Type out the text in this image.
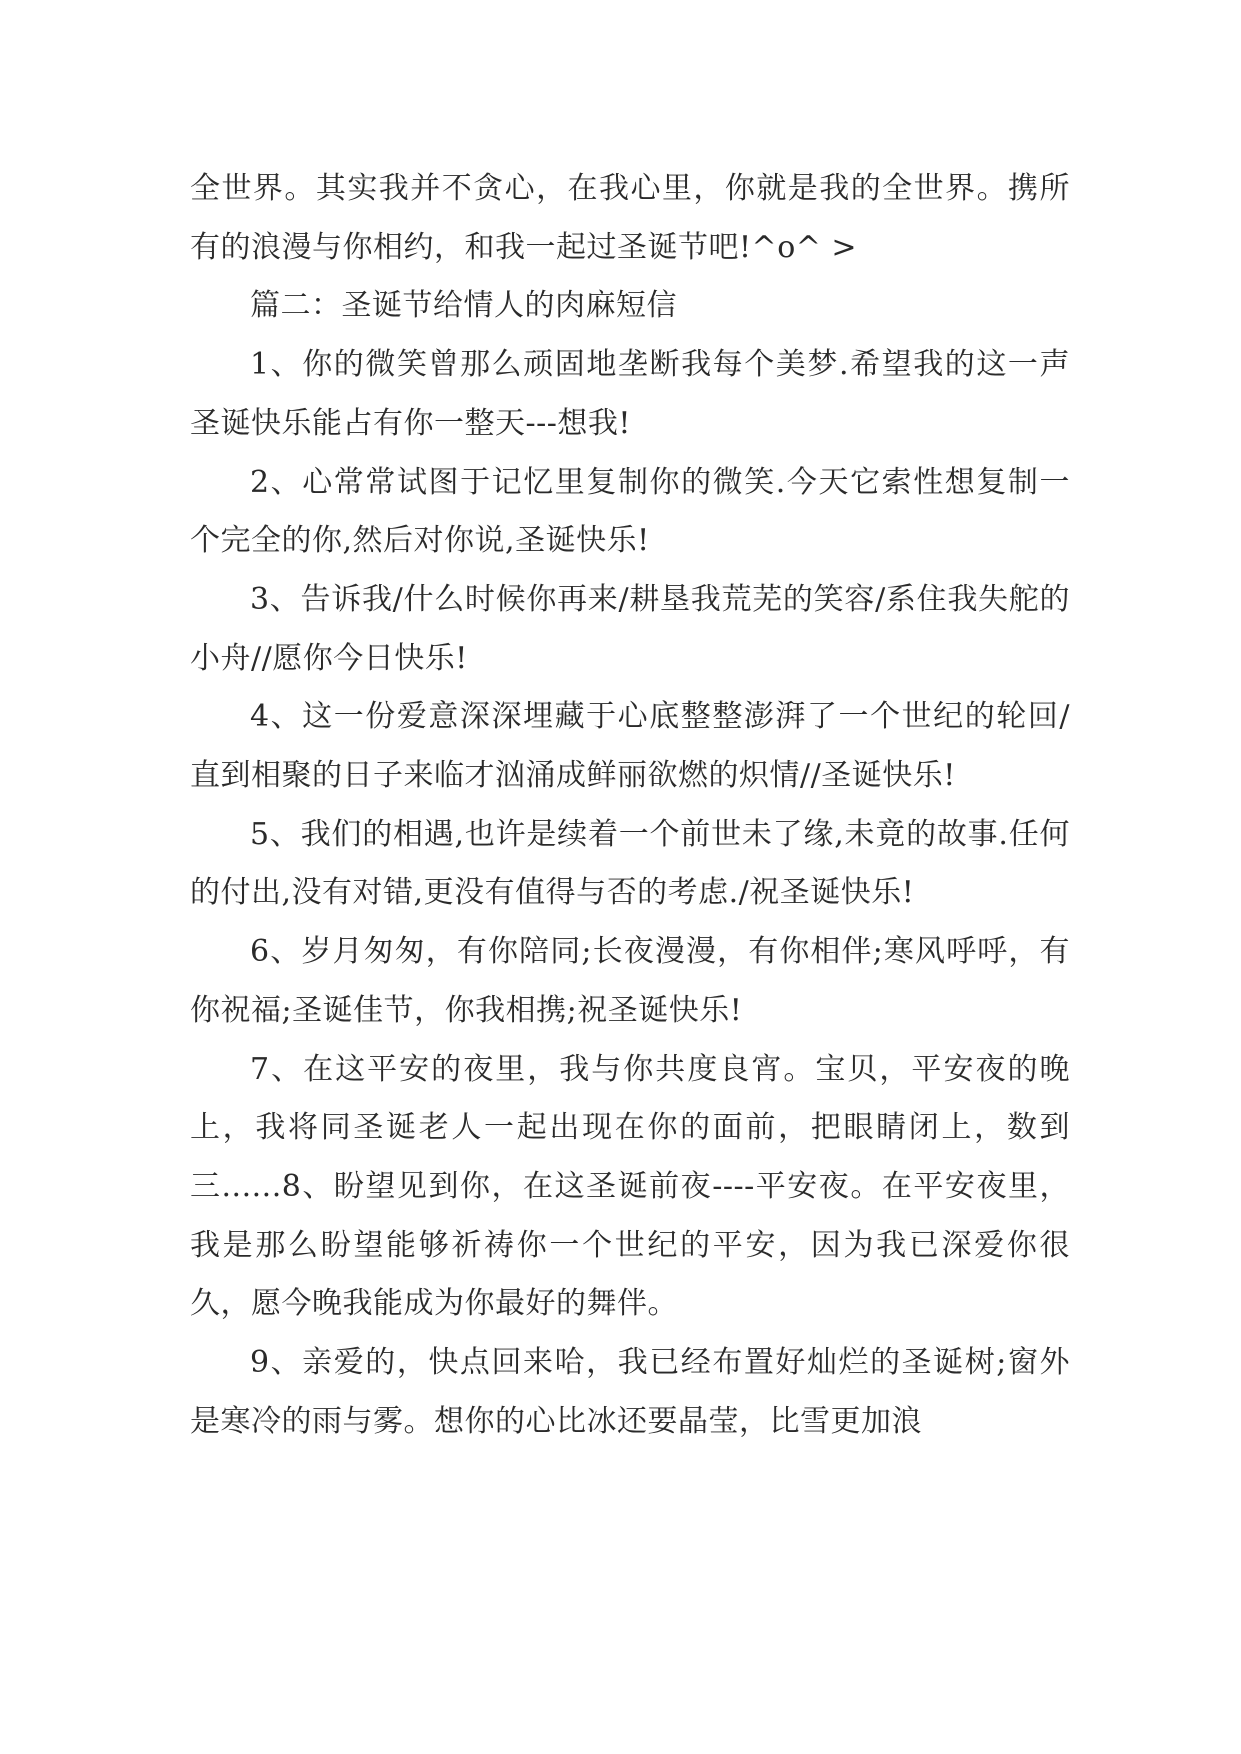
全世界。其实我并不贪心，在我心里，你就是我的全世界。携所有的浪漫与你相约，和我一起过圣诞节吧!^o^ >

篇二：圣诞节给情人的肉麻短信

1、你的微笑曾那么顽固地垄断我每个美梦.希望我的这一声圣诞快乐能占有你一整天---想我!

2、心常常试图于记忆里复制你的微笑.今天它索性想复制一个完全的你,然后对你说,圣诞快乐!

3、告诉我/什么时候你再来/耕垦我荒芜的笑容/系住我失舵的小舟//愿你今日快乐!

4、这一份爱意深深埋藏于心底整整澎湃了一个世纪的轮回/直到相聚的日子来临才汹涌成鲜丽欲燃的炽情//圣诞快乐!

5、我们的相遇,也许是续着一个前世未了缘,未竟的故事.任何的付出,没有对错,更没有值得与否的考虑./祝圣诞快乐!

6、岁月匆匆，有你陪同;长夜漫漫，有你相伴;寒风呼呼，有你祝福;圣诞佳节，你我相携;祝圣诞快乐!

7、在这平安的夜里，我与你共度良宵。宝贝，平安夜的晚上，我将同圣诞老人一起出现在你的面前，把眼睛闭上，数到三......8、盼望见到你，在这圣诞前夜----平安夜。在平安夜里，我是那么盼望能够祈祷你一个世纪的平安，因为我已深爱你很久，愿今晚我能成为你最好的舞伴。

9、亲爱的，快点回来哈，我已经布置好灿烂的圣诞树;窗外是寒冷的雨与雾。想你的心比冰还要晶莹，比雪更加浪
